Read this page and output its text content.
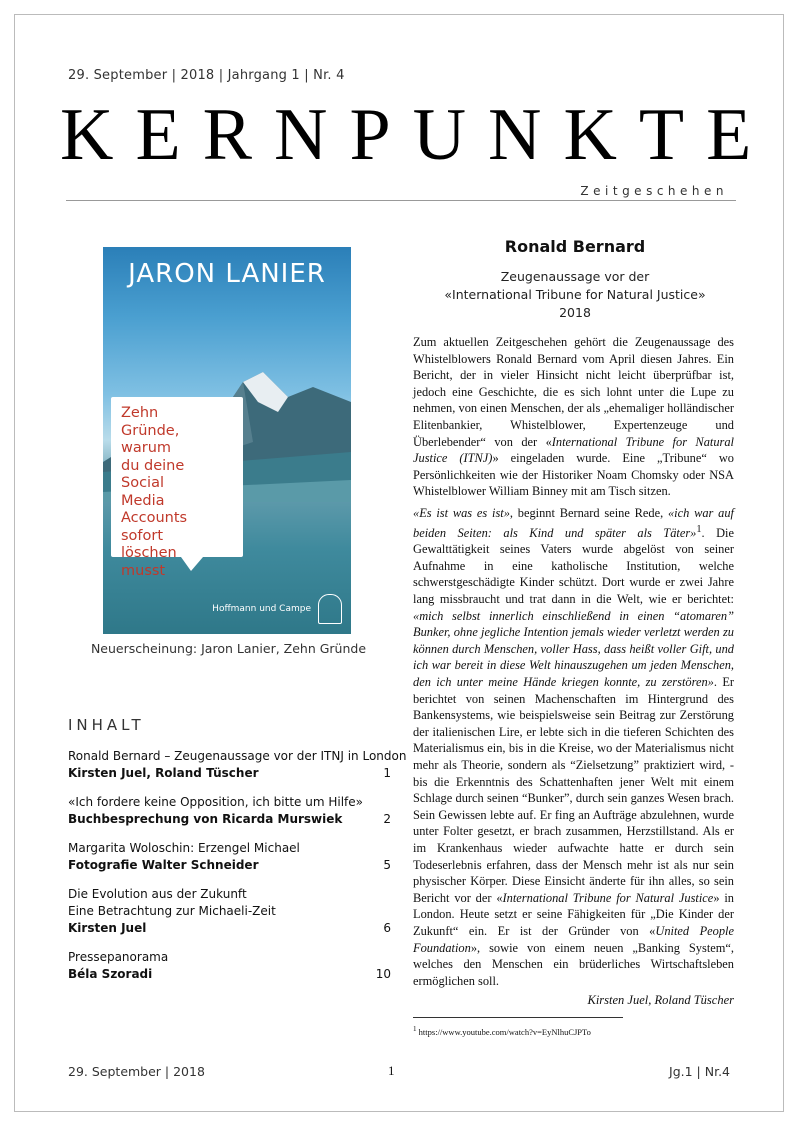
29. September | 2018 | Jahrgang 1 | Nr. 4
KERNPUNKTE
Zeitgeschehen
JARON LANIER
Zehn
Gründe,
warum
du deine
Social
Media
Accounts
sofort
löschen
musst
Hoffmann und Campe
Neuerscheinung: Jaron Lanier, Zehn Gründe
INHALT
Ronald Bernard – Zeugenaussage vor der ITNJ in London
Kirsten Juel, Roland Tüscher	1
«Ich fordere keine Opposition, ich bitte um Hilfe»
Buchbesprechung von Ricarda Murswiek	2
Margarita Woloschin: Erzengel Michael
Fotografie Walter Schneider	5
Die Evolution aus der Zukunft
Eine Betrachtung zur Michaeli-Zeit
Kirsten Juel	6
Pressepanorama
Béla Szoradi	10
Ronald Bernard
Zeugenaussage vor der
«International Tribune for Natural Justice»
2018

Zum aktuellen Zeitgeschehen gehört die Zeugenaussage des Whistelblowers Ronald Bernard vom April diesen Jahres. Ein Bericht, der in vieler Hinsicht nicht leicht überprüfbar ist, jedoch eine Geschichte, die es sich lohnt unter die Lupe zu nehmen, von einen Menschen, der als „ehemaliger holländischer Elitenbankier, Whistelblower, Expertenzeuge und Überlebender“ von der «International Tribune for Natural Justice (ITNJ)» eingeladen wurde. Eine „Tribune“ wo Persönlichkeiten wie der Historiker Noam Chomsky oder NSA Whistelblower William Binney mit am Tisch sitzen.

«Es ist was es ist», beginnt Bernard seine Rede, «ich war auf beiden Seiten: als Kind und später als Täter»$^1$. Die Gewalttätigkeit seines Vaters wurde abgelöst von seiner Aufnahme in eine katholische Institution, welche schwerstgeschädigte Kinder schützt. Dort wurde er zwei Jahre lang missbraucht und trat dann in die Welt, wie er berichtet: «mich selbst innerlich einschließend in einen “atomaren” Bunker, ohne jegliche Intention jemals wieder verletzt werden zu können durch Menschen, voller Hass, dass heißt voller Gift, und ich war bereit in diese Welt hinauszugehen um jeden Menschen, den ich unter meine Hände kriegen konnte, zu zerstören». Er berichtet von seinen Machenschaften im Hintergrund des Bankensystems, wie beispielsweise sein Beitrag zur Zerstörung der italienischen Lire, er lebte sich in die tieferen Schichten des Materialismus ein, bis in die Kreise, wo der Materialismus nicht mehr als Theorie, sondern als “Zielsetzung” praktiziert wird, - bis die Erkenntnis des Schattenhaften jener Welt mit einem Schlage durch seinen “Bunker”, durch sein ganzes Wesen brach. Sein Gewissen lebte auf. Er fing an Aufträge abzulehnen, wurde unter Folter gesetzt, er brach zusammen, Herzstillstand. Als er im Krankenhaus wieder aufwachte hatte er durch sein Todeserlebnis erfahren, dass der Mensch mehr ist als nur sein physischer Körper. Diese Einsicht änderte für ihn alles, so sein Bericht vor der «International Tribune for Natural Justice» in London. Heute setzt er seine Fähigkeiten für „Die Kinder der Zukunft“ ein. Er ist der Gründer von «United People Foundation», sowie von einem neuen „Banking System“, welches den Menschen ein brüderliches Wirtschaftsleben ermöglichen soll.

Kirsten Juel, Roland Tüscher
$^1$ https://www.youtube.com/watch?v=EyNlhuCJPTo
29. September | 2018	1	Jg.1 | Nr.4
